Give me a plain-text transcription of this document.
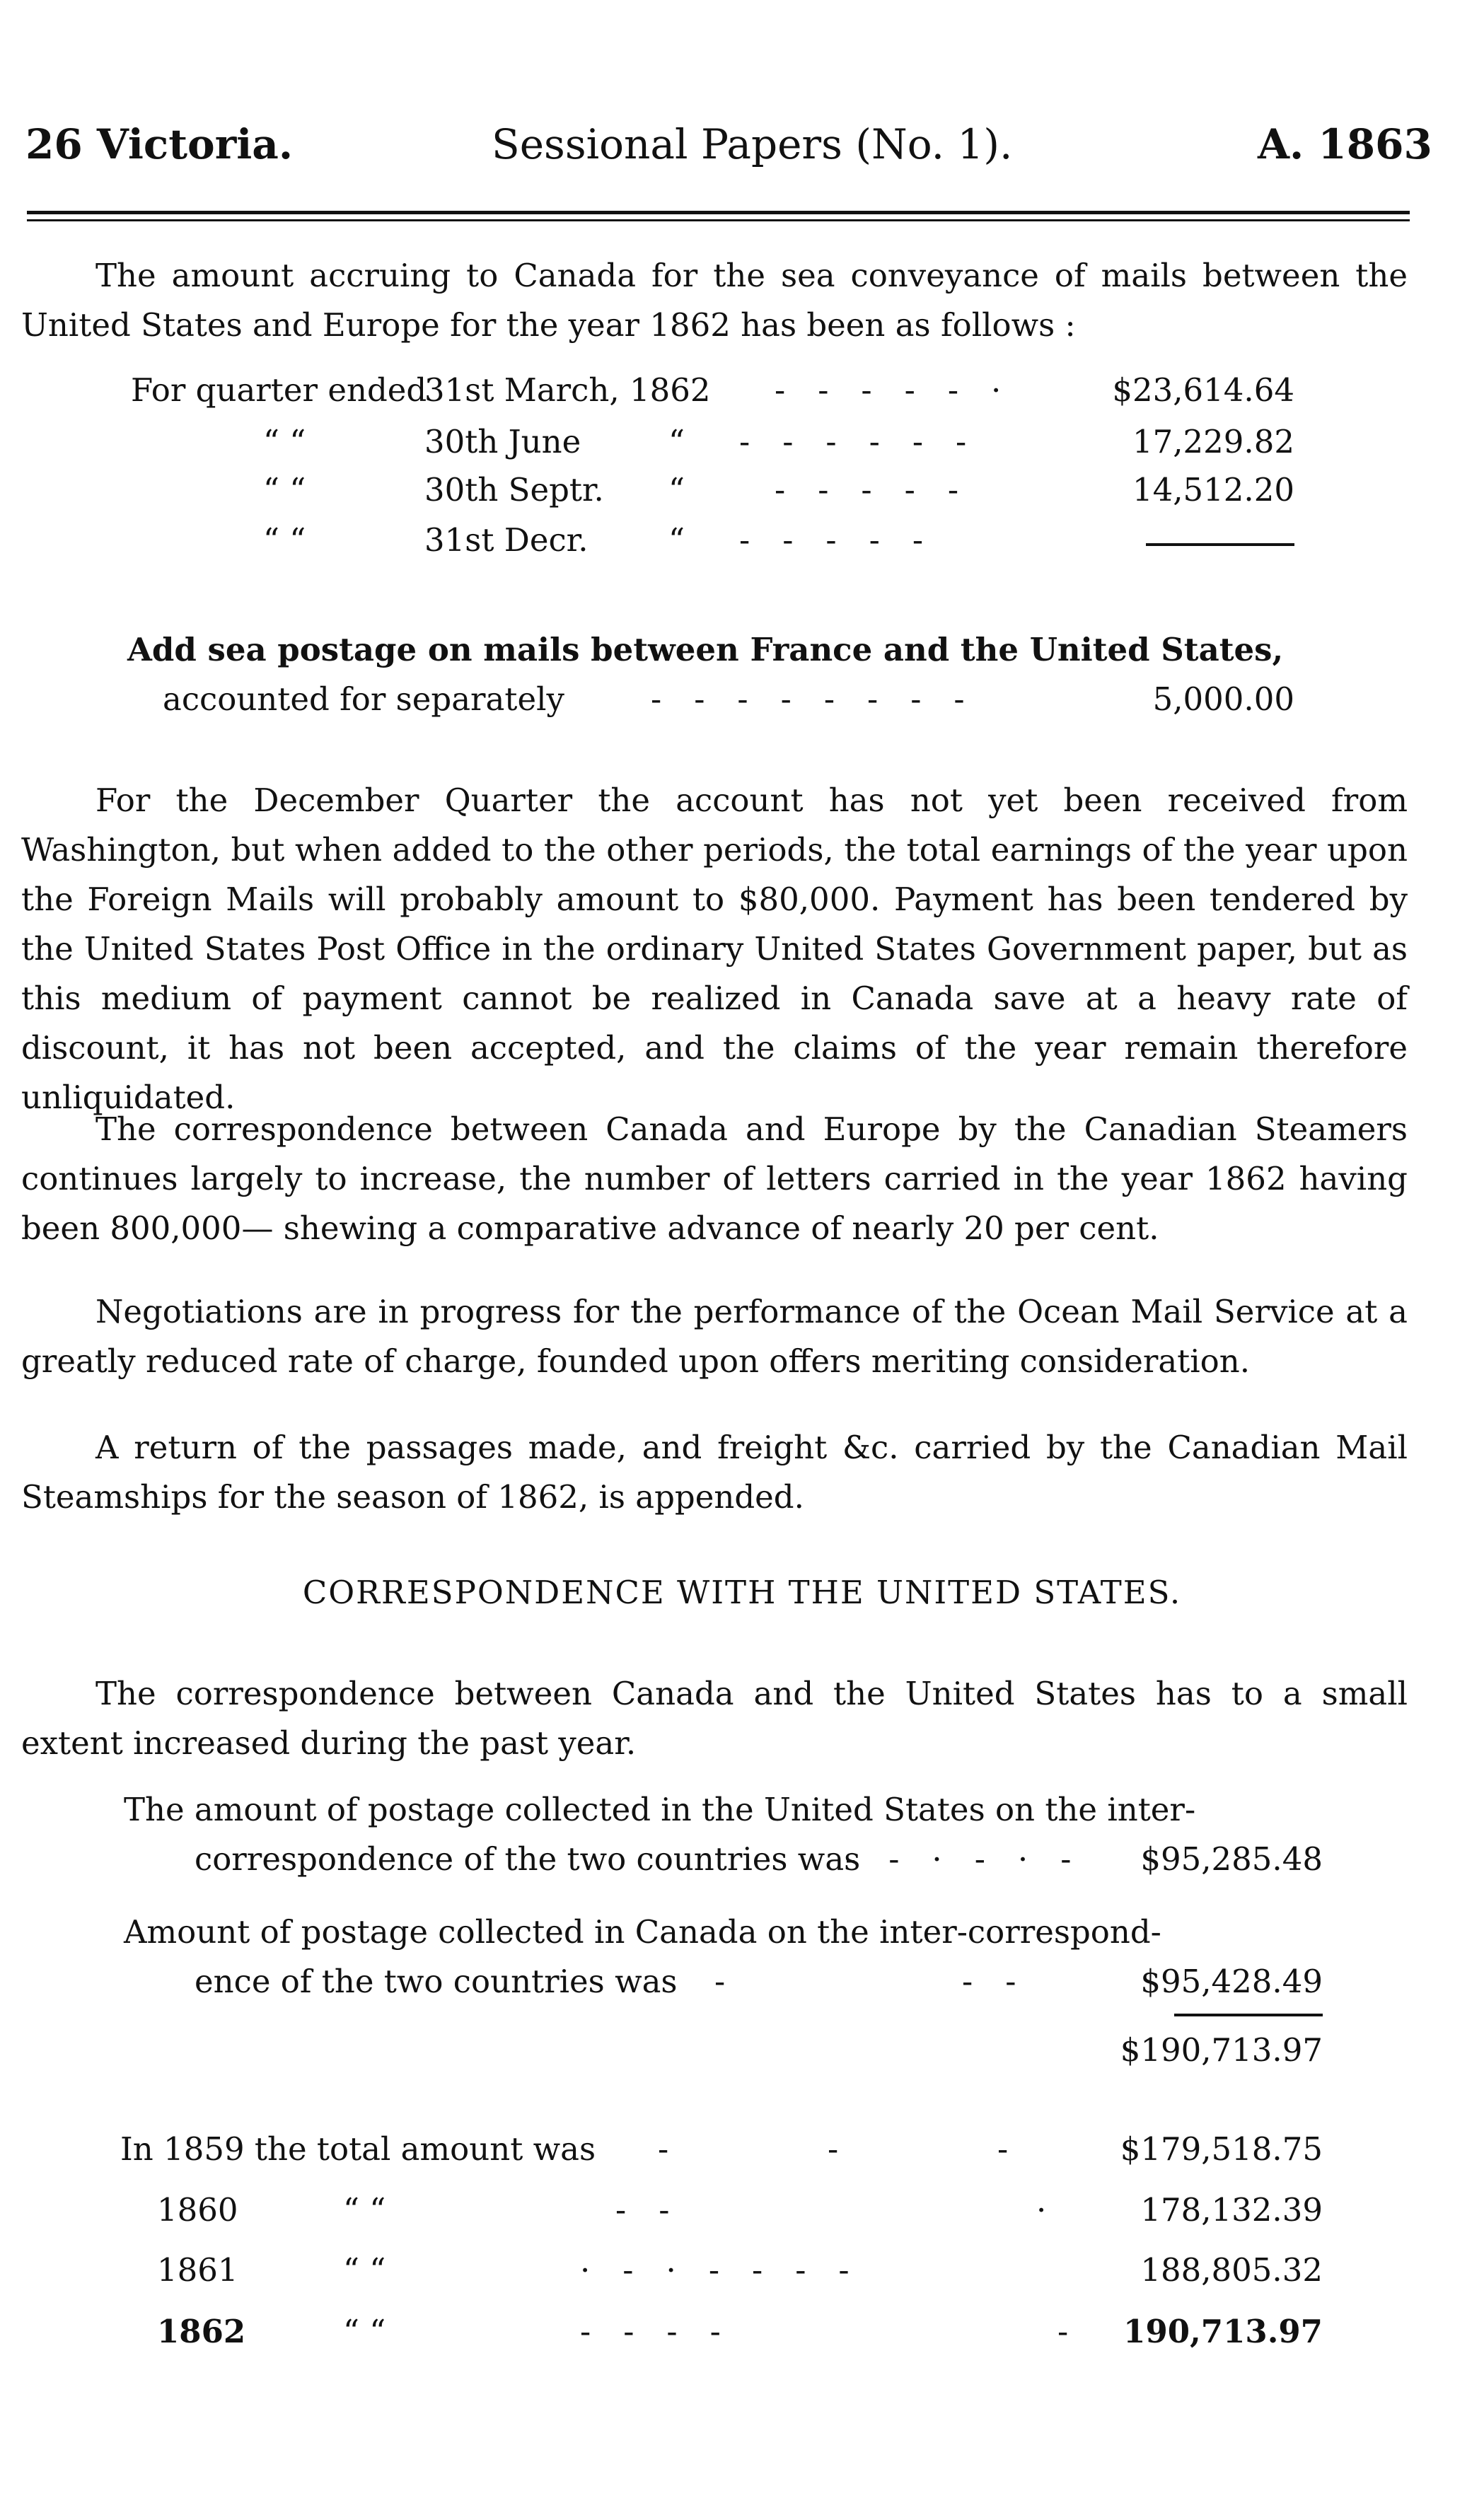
26 Victoria.	Sessional Papers (No. 1).	A. 1863

The amount accruing to Canada for the sea conveyance of mails between the United States and Europe for the year 1862 has been as follows :

For quarter ended
31st March, 1862 -----·	$23,614.64
“ “	30th June	“ ------	17,229.82
“ “	30th Septr. “	-----	14,512.20
“ “	31st Decr.	“ -----
Add sea postage on mails between France and the United States,
accounted for separately	--------	5,000.00

For the December Quarter the account has not yet been received from Washington, but when added to the other periods, the total earnings of the year upon the Foreign Mails will probably amount to $80,000. Payment has been tendered by the United States Post Office in the ordinary United States Government paper, but as this medium of payment cannot be realized in Canada save at a heavy rate of discount, it has not been accepted, and the claims of the year remain therefore unliquidated.

The correspondence between Canada and Europe by the Canadian Steamers continues largely to increase, the number of letters carried in the year 1862 having been 800,000— shewing a comparative advance of nearly 20 per cent.

Negotiations are in progress for the performance of the Ocean Mail Service at a greatly reduced rate of charge, founded upon offers meriting consideration.

A return of the passages made, and freight &c. carried by the Canadian Mail Steamships for the season of 1862, is appended.

CORRESPONDENCE WITH THE UNITED STATES.

The correspondence between Canada and the United States has to a small extent increased during the past year.

The amount of postage collected in the United States on the inter-
correspondence of the two countries was
--·-·-	$95,285.48
Amount of postage collected in Canada on the inter-correspond-
ence of the two countries was -	--	$95,428.49
$190,713.97
In 1859 the total amount was -	-	-	$179,518.75
1860	“ “	--	·	178,132.39
1861	“ “	·-·----	188,805.32
1862	“ “	----	- 190,713.97
